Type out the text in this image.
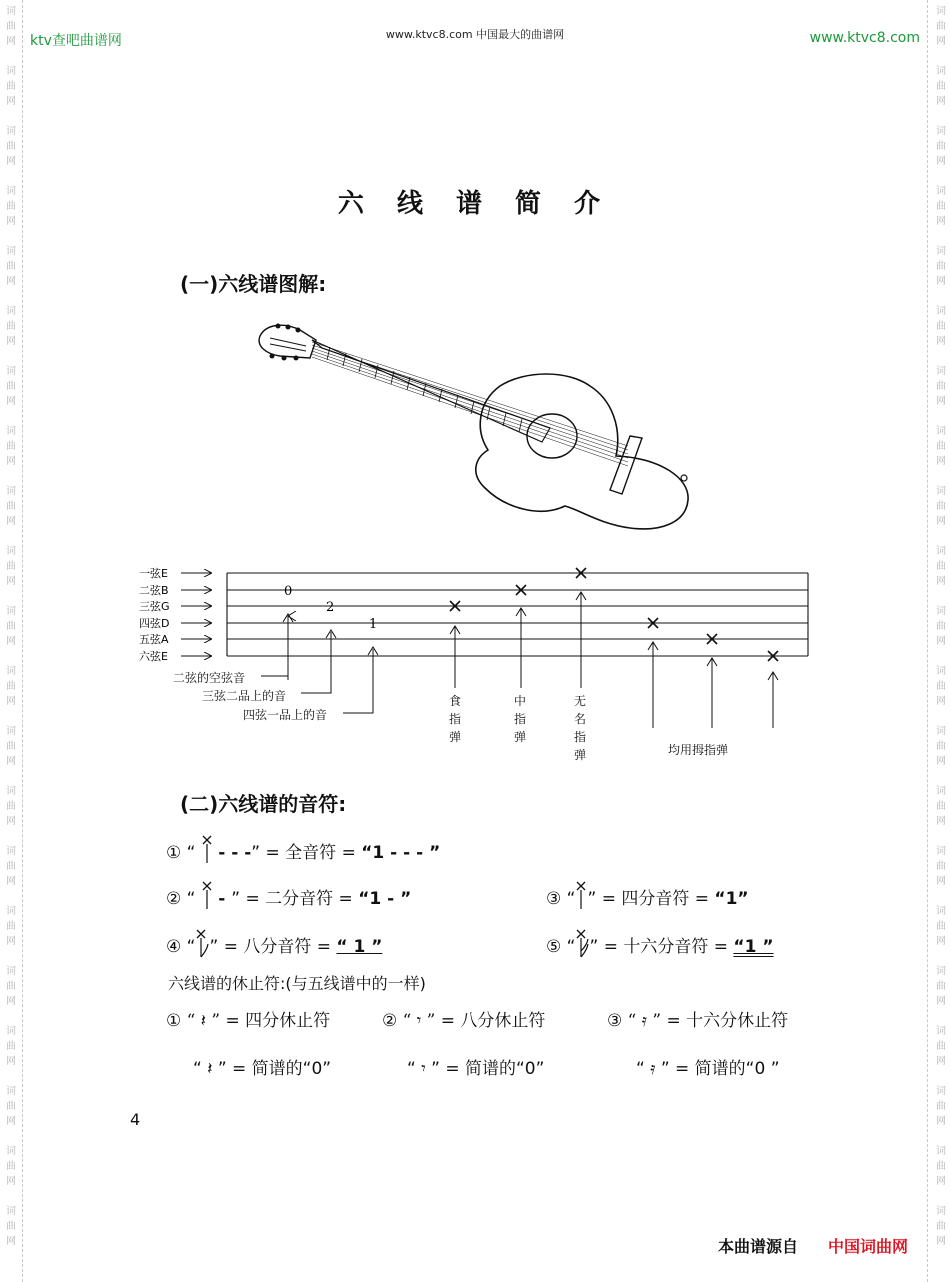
词
曲
网
词
曲
网
词
曲
网
词
曲
网
词
曲
网
词
曲
网
词
曲
网
词
曲
网
词
曲
网
词
曲
网
词
曲
网
词
曲
网
词
曲
网
词
曲
网
词
曲
网
词
曲
网
词
曲
网
词
曲
网
词
曲
网
词
曲
网
词
曲
网
词
曲
网
词
曲
网
词
曲
网
词
曲
网
词
曲
网
词
曲
网
词
曲
网
词
曲
网
词
曲
网
词
曲
网
词
曲
网
词
曲
网
词
曲
网
词
曲
网
词
曲
网
词
曲
网
词
曲
网
词
曲
网
词
曲
网
词
曲
网
词
曲
网
ktv查吧曲谱网	www.ktvc8.com 中国最大的曲谱网	www.ktvc8.com
六 线 谱 简 介
(一)六线谱图解:
一弦E
二弦B
三弦G
四弦D
五弦A
六弦E
0
2
1
二弦的空弦音
三弦二品上的音
四弦一品上的音
食指弹
中指弹
无名指弹	均用拇指弹
(二)六线谱的音符:
① “ - - -” = 全音符 = “1 - - - ”
② “ - ” = 二分音符 = “1 - ”	③ “ ” = 四分音符 = “1”
④ “ ” = 八分音符 = “ 1 ”	⑤ “ ” = 十六分音符 = “1 ”
六线谱的休止符:(与五线谱中的一样)
① “ 𝄽 ” = 四分休止符	② “ 𝄾 ” = 八分休止符	③ “ 𝄿 ” = 十六分休止符
“ 𝄽 ” = 简谱的“0”	“ 𝄾 ” = 简谱的“0”	“ 𝄿 ” = 简谱的“0 ”
4
本曲谱源自 中国词曲网
